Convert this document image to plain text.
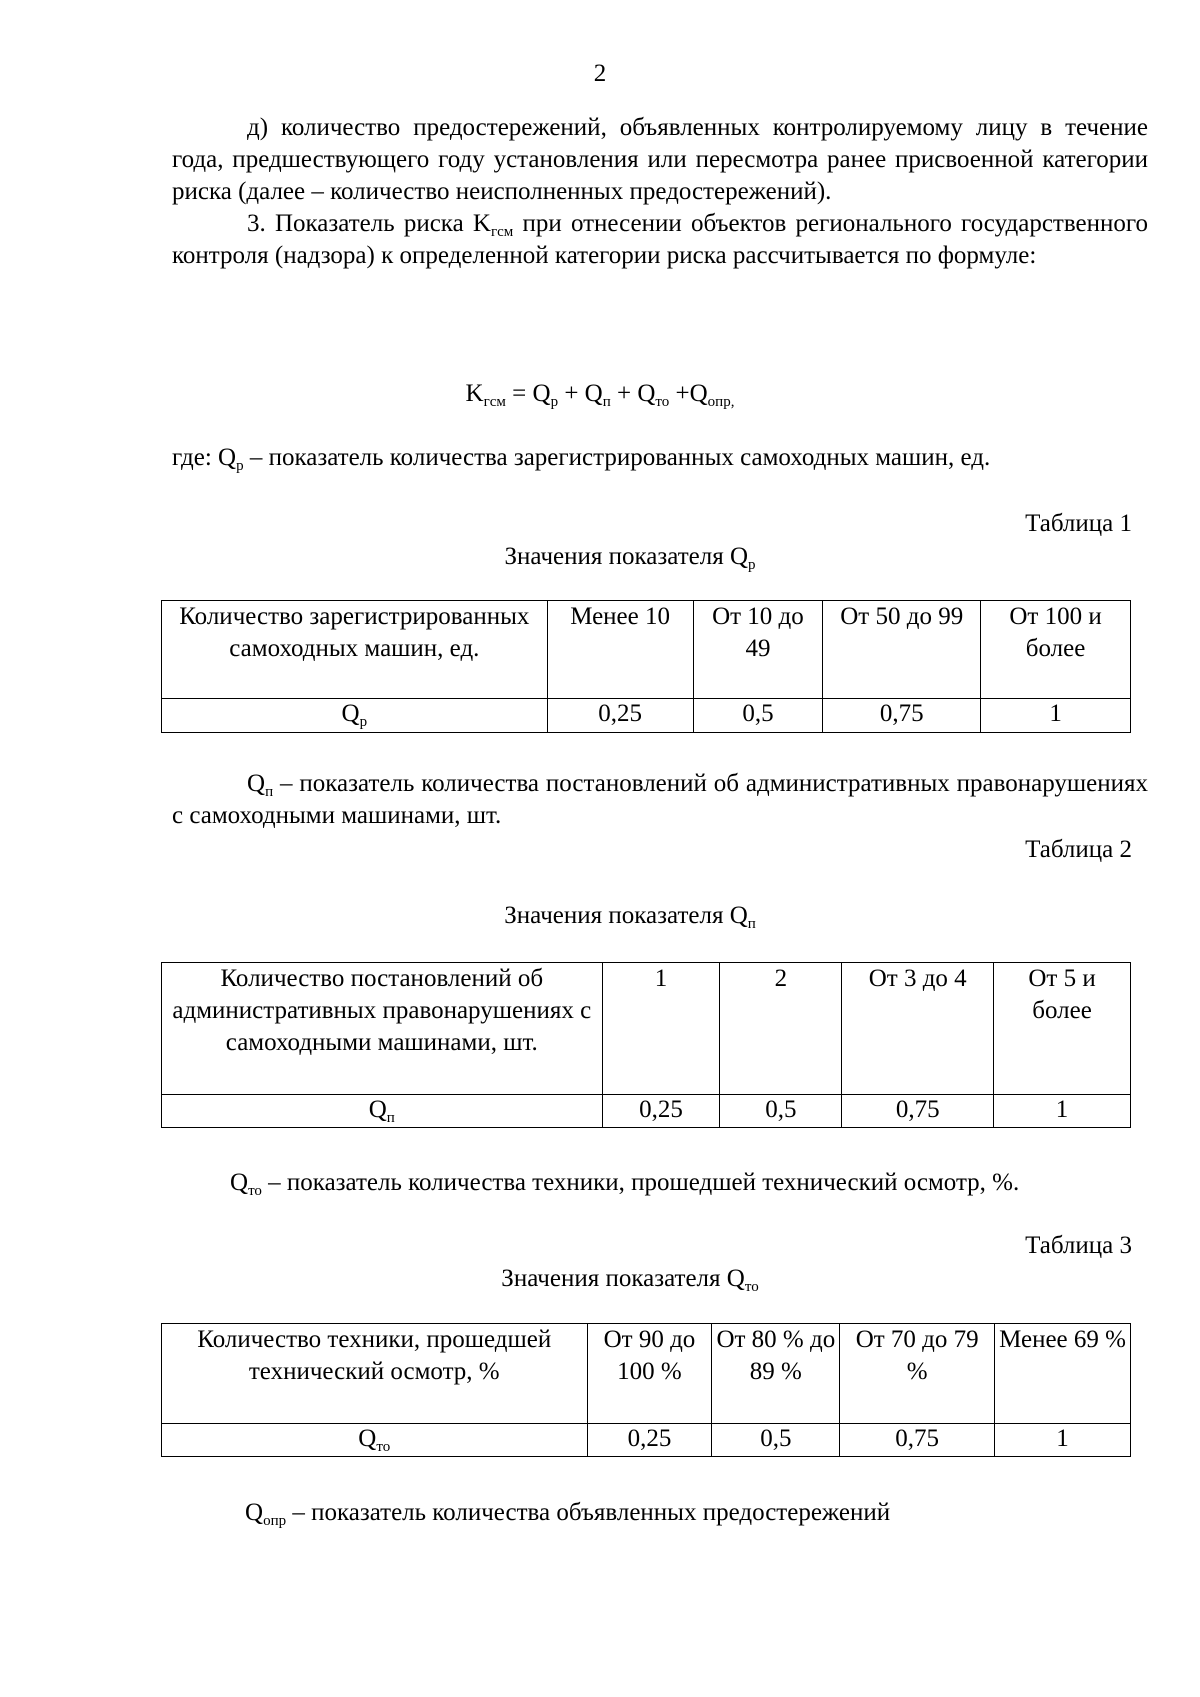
2

д) количество предостережений, объявленных контролируемому лицу в течение года, предшествующего году установления или пересмотра ранее присвоенной категории риска (далее – количество неисполненных предостережений).

3. Показатель риска $K_{гсм}$ при отнесении объектов регионального государственного контроля (надзора) к определенной категории риска рассчитывается по формуле:

$K_{гсм} = Q_р + Q_п + Q_{то} +Q_{опр,}$

где: $Q_р$ – показатель количества зарегистрированных самоходных машин, ед.

Таблица 1
Значения показателя $Q_р$
Количество зарегистрированных самоходных машин, ед.	Менее 10	От 10 до 49	От 50 до 99	От 100 и более
$Q_р$	0,25	0,5	0,75	1

$Q_п$ – показатель количества постановлений об административных правонарушениях с самоходными машинами, шт.

Таблица 2
Значения показателя $Q_п$
Количество постановлений об административных правонарушениях с самоходными машинами, шт.	1	2	От 3 до 4	От 5 и более
$Q_п$	0,25	0,5	0,75	1

$Q_{то}$ – показатель количества техники, прошедшей технический осмотр, %.

Таблица 3
Значения показателя $Q_{то}$
Количество техники, прошедшей технический осмотр, %	От 90 до 100 %	От 80 % до 89 %	От 70 до 79 %	Менее 69 %
$Q_{то}$	0,25	0,5	0,75	1

$Q_{опр}$ – показатель количества объявленных предостережений
